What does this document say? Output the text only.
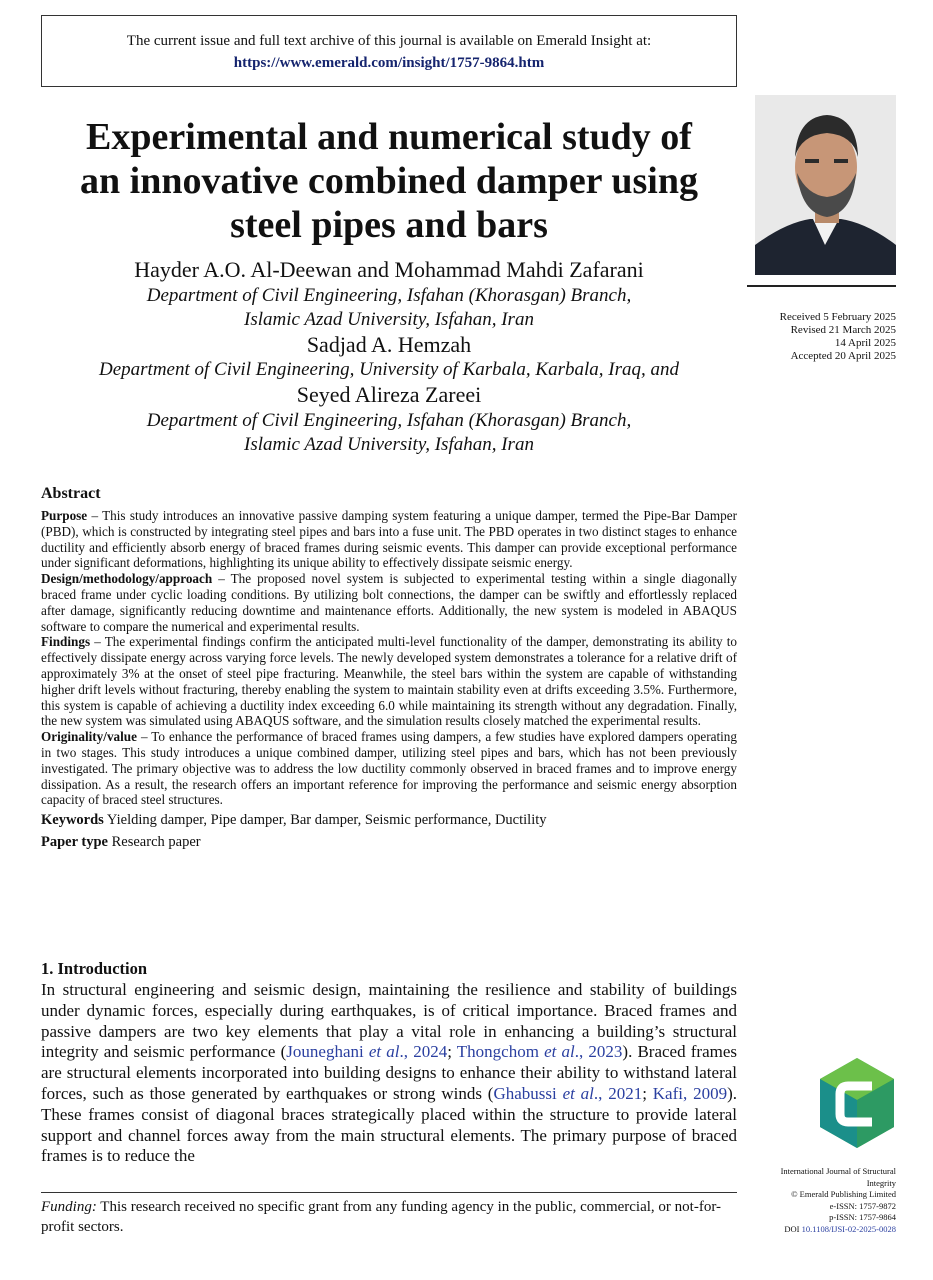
The current issue and full text archive of this journal is available on Emerald Insight at:
https://www.emerald.com/insight/1757-9864.htm
Experimental and numerical study of
an innovative combined damper using
steel pipes and bars
Hayder A.O. Al-Deewan and Mohammad Mahdi Zafarani
Department of Civil Engineering, Isfahan (Khorasgan) Branch,
Islamic Azad University, Isfahan, Iran
Sadjad A. Hemzah
Department of Civil Engineering, University of Karbala, Karbala, Iraq, and
Seyed Alireza Zareei
Department of Civil Engineering, Isfahan (Khorasgan) Branch,
Islamic Azad University, Isfahan, Iran
Received 5 February 2025
Revised 21 March 2025
14 April 2025
Accepted 20 April 2025
Abstract

Purpose – This study introduces an innovative passive damping system featuring a unique damper, termed the Pipe-Bar Damper (PBD), which is constructed by integrating steel pipes and bars into a fuse unit. The PBD operates in two distinct stages to enhance ductility and efficiently absorb energy of braced frames during seismic events. This damper can provide exceptional performance under significant deformations, highlighting its unique ability to effectively dissipate seismic energy.

Design/methodology/approach – The proposed novel system is subjected to experimental testing within a single diagonally braced frame under cyclic loading conditions. By utilizing bolt connections, the damper can be swiftly and effortlessly replaced after damage, significantly reducing downtime and maintenance efforts. Additionally, the new system is modeled in ABAQUS software to compare the numerical and experimental results.

Findings – The experimental findings confirm the anticipated multi-level functionality of the damper, demonstrating its ability to effectively dissipate energy across varying force levels. The newly developed system demonstrates a tolerance for a relative drift of approximately 3% at the onset of steel pipe fracturing. Meanwhile, the steel bars within the system are capable of withstanding higher drift levels without fracturing, thereby enabling the system to maintain stability even at drifts exceeding 3.5%. Furthermore, this system is capable of achieving a ductility index exceeding 6.0 while maintaining its strength without any degradation. Finally, the new system was simulated using ABAQUS software, and the simulation results closely matched the experimental results.

Originality/value – To enhance the performance of braced frames using dampers, a few studies have explored dampers operating in two stages. This study introduces a unique combined damper, utilizing steel pipes and bars, which has not been previously investigated. The primary objective was to address the low ductility commonly observed in braced frames and to improve energy dissipation. As a result, the research offers an important reference for improving the performance and seismic energy absorption capacity of braced steel structures.

Keywords Yielding damper, Pipe damper, Bar damper, Seismic performance, Ductility

Paper type Research paper

1. Introduction

In structural engineering and seismic design, maintaining the resilience and stability of buildings under dynamic forces, especially during earthquakes, is of critical importance. Braced frames and passive dampers are two key elements that play a vital role in enhancing a building’s structural integrity and seismic performance (Jouneghani et al., 2024; Thongchom et al., 2023). Braced frames are structural elements incorporated into building designs to enhance their ability to withstand lateral forces, such as those generated by earthquakes or strong winds (Ghabussi et al., 2021; Kafi, 2009). These frames consist of diagonal braces strategically placed within the structure to provide lateral support and channel forces away from the main structural elements. The primary purpose of braced frames is to reduce the

International Journal of Structural
Integrity
© Emerald Publishing Limited
e-ISSN: 1757-9872
p-ISSN: 1757-9864
DOI 10.1108/IJSI-02-2025-0028
Funding: This research received no specific grant from any funding agency in the public, commercial, or not-for-profit sectors.
